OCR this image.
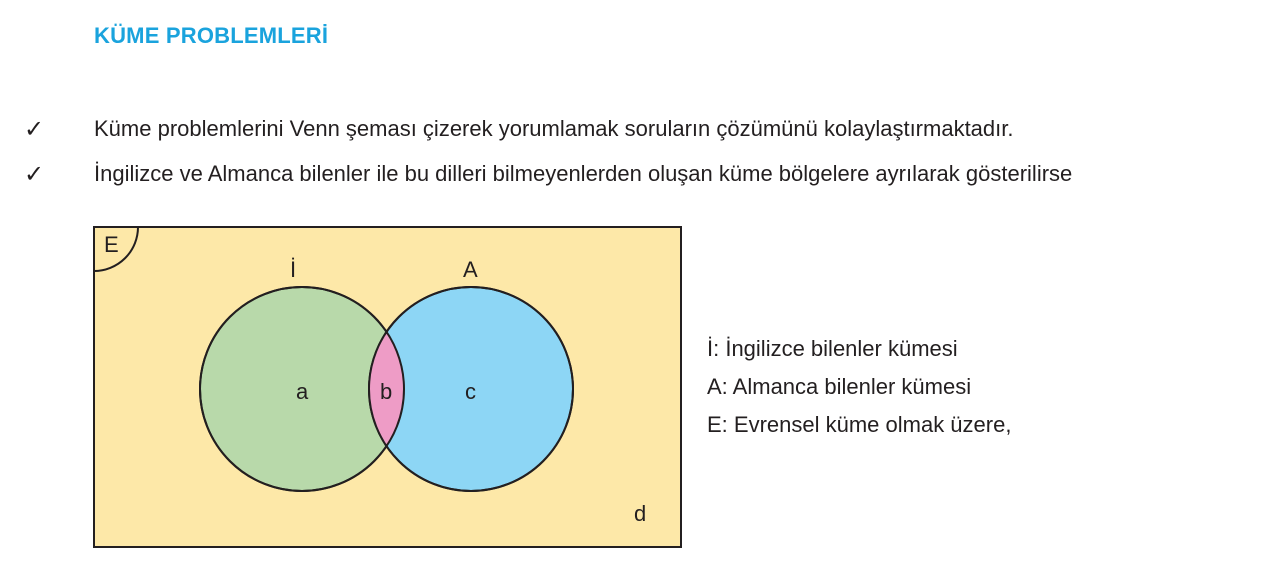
KÜME PROBLEMLERİ
✓ Küme problemlerini Venn şeması çizerek yorumlamak soruların çözümünü kolaylaştırmaktadır.
✓ İngilizce ve Almanca bilenler ile bu dilleri bilmeyenlerden oluşan küme bölgelere ayrılarak gösterilirse
E
İ	A
a	b	c
d
İ: İngilizce bilenler kümesi
A: Almanca bilenler kümesi
E: Evrensel küme olmak üzere,
